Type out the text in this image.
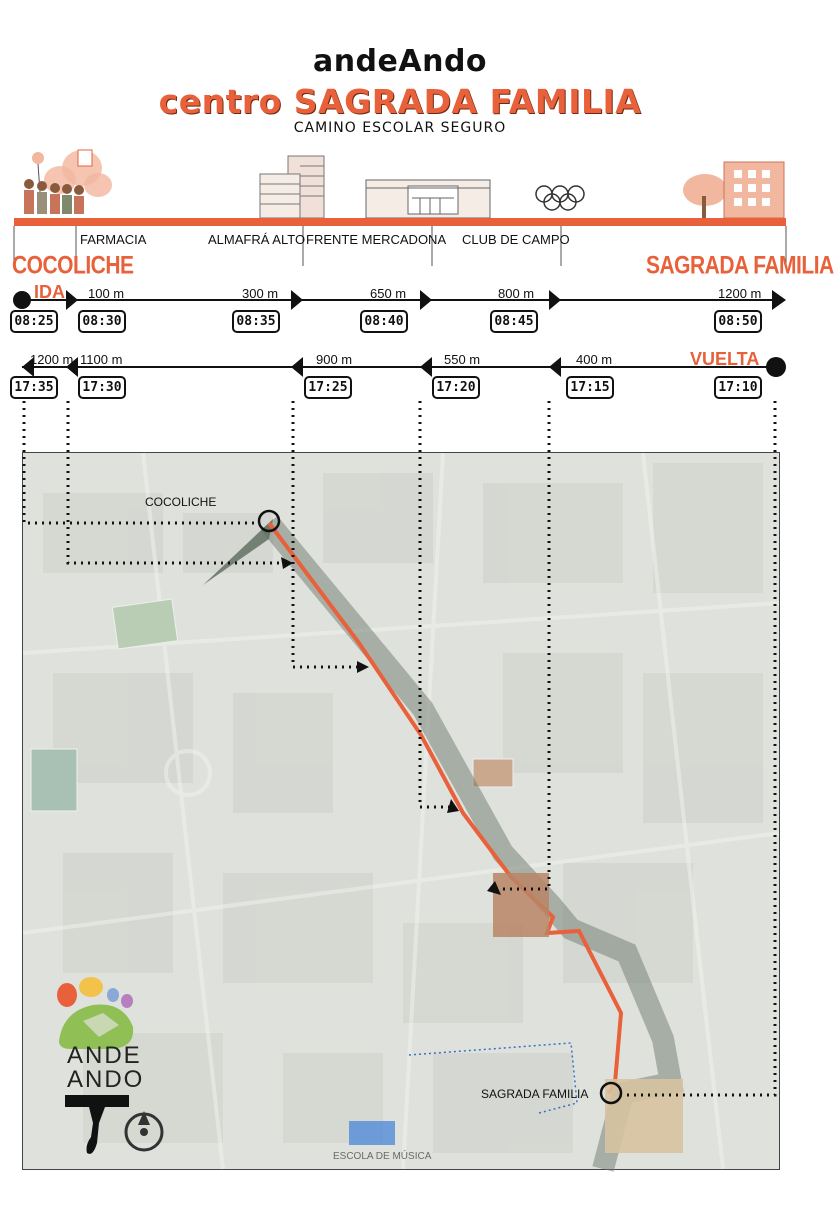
andeAndo
centro SAGRADA FAMILIA
CAMINO ESCOLAR SEGURO
FARMACIA	ALMAFRÁ ALTO FRENTE MERCADONA CLUB DE CAMPO
COCOLICHE	SAGRADA FAMILIA
IDA 100 m	300 m	650 m	800 m	1200 m
08:25	08:30	08:35	08:40	08:45	08:50
VUELTA
1200 m 1100 m	900 m	550 m	400 m
17:35	17:30	17:25	17:20	17:15	17:10
COCOLICHE
SAGRADA FAMILIA
ESCOLA DE MÚSICA
ANDE
ANDO
